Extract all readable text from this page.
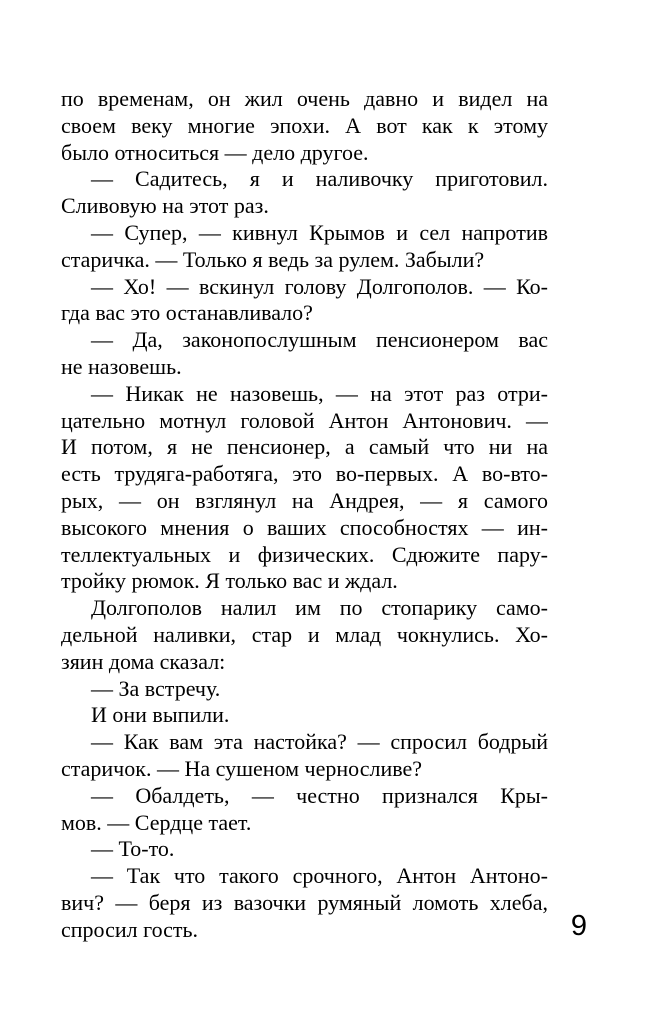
по временам, он жил очень давно и видел на
своем веку многие эпохи. А вот как к этому
было относиться — дело другое.
— Садитесь, я и наливочку приготовил.
Сливовую на этот раз.
— Супер, — кивнул Крымов и сел напротив
старичка. — Только я ведь за рулем. Забыли?
— Хо! — вскинул голову Долгополов. — Ко-
гда вас это останавливало?
— Да, законопослушным пенсионером вас
не назовешь.
— Никак не назовешь, — на этот раз отри-
цательно мотнул головой Антон Антонович. —
И потом, я не пенсионер, а самый что ни на
есть трудяга-работяга, это во-первых. А во-вто-
рых, — он взглянул на Андрея, — я самого
высокого мнения о ваших способностях — ин-
теллектуальных и физических. Сдюжите пару-
тройку рюмок. Я только вас и ждал.
Долгополов налил им по стопарику само-
дельной наливки, стар и млад чокнулись. Хо-
зяин дома сказал:
— За встречу.
И они выпили.
— Как вам эта настойка? — спросил бодрый
старичок. — На сушеном черносливе?
— Обалдеть, — честно признался Кры-
мов. — Сердце тает.
— То-то.
— Так что такого срочного, Антон Антоно-
вич? — беря из вазочки румяный ломоть хлеба,
спросил гость.	9
